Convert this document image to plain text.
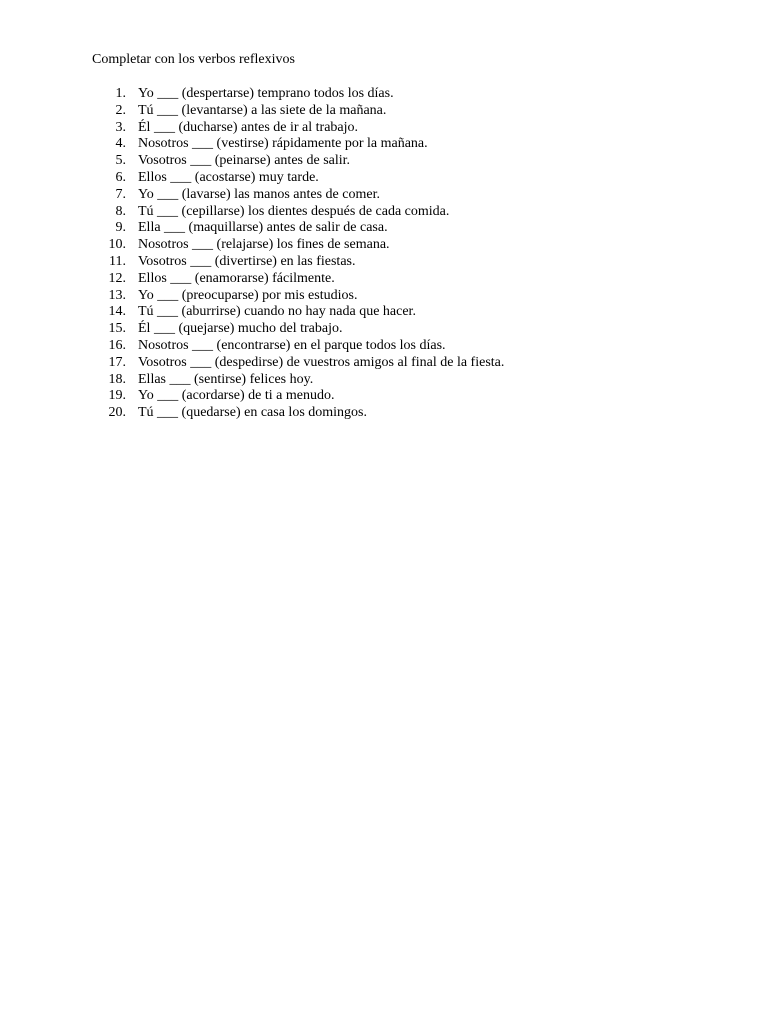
Completar con los verbos reflexivos
1. Yo ___ (despertarse) temprano todos los días.
2. Tú ___ (levantarse) a las siete de la mañana.
3. Él ___ (ducharse) antes de ir al trabajo.
4. Nosotros ___ (vestirse) rápidamente por la mañana.
5. Vosotros ___ (peinarse) antes de salir.
6. Ellos ___ (acostarse) muy tarde.
7. Yo ___ (lavarse) las manos antes de comer.
8. Tú ___ (cepillarse) los dientes después de cada comida.
9. Ella ___ (maquillarse) antes de salir de casa.
10. Nosotros ___ (relajarse) los fines de semana.
11. Vosotros ___ (divertirse) en las fiestas.
12. Ellos ___ (enamorarse) fácilmente.
13. Yo ___ (preocuparse) por mis estudios.
14. Tú ___ (aburrirse) cuando no hay nada que hacer.
15. Él ___ (quejarse) mucho del trabajo.
16. Nosotros ___ (encontrarse) en el parque todos los días.
17. Vosotros ___ (despedirse) de vuestros amigos al final de la fiesta.
18. Ellas ___ (sentirse) felices hoy.
19. Yo ___ (acordarse) de ti a menudo.
20. Tú ___ (quedarse) en casa los domingos.
